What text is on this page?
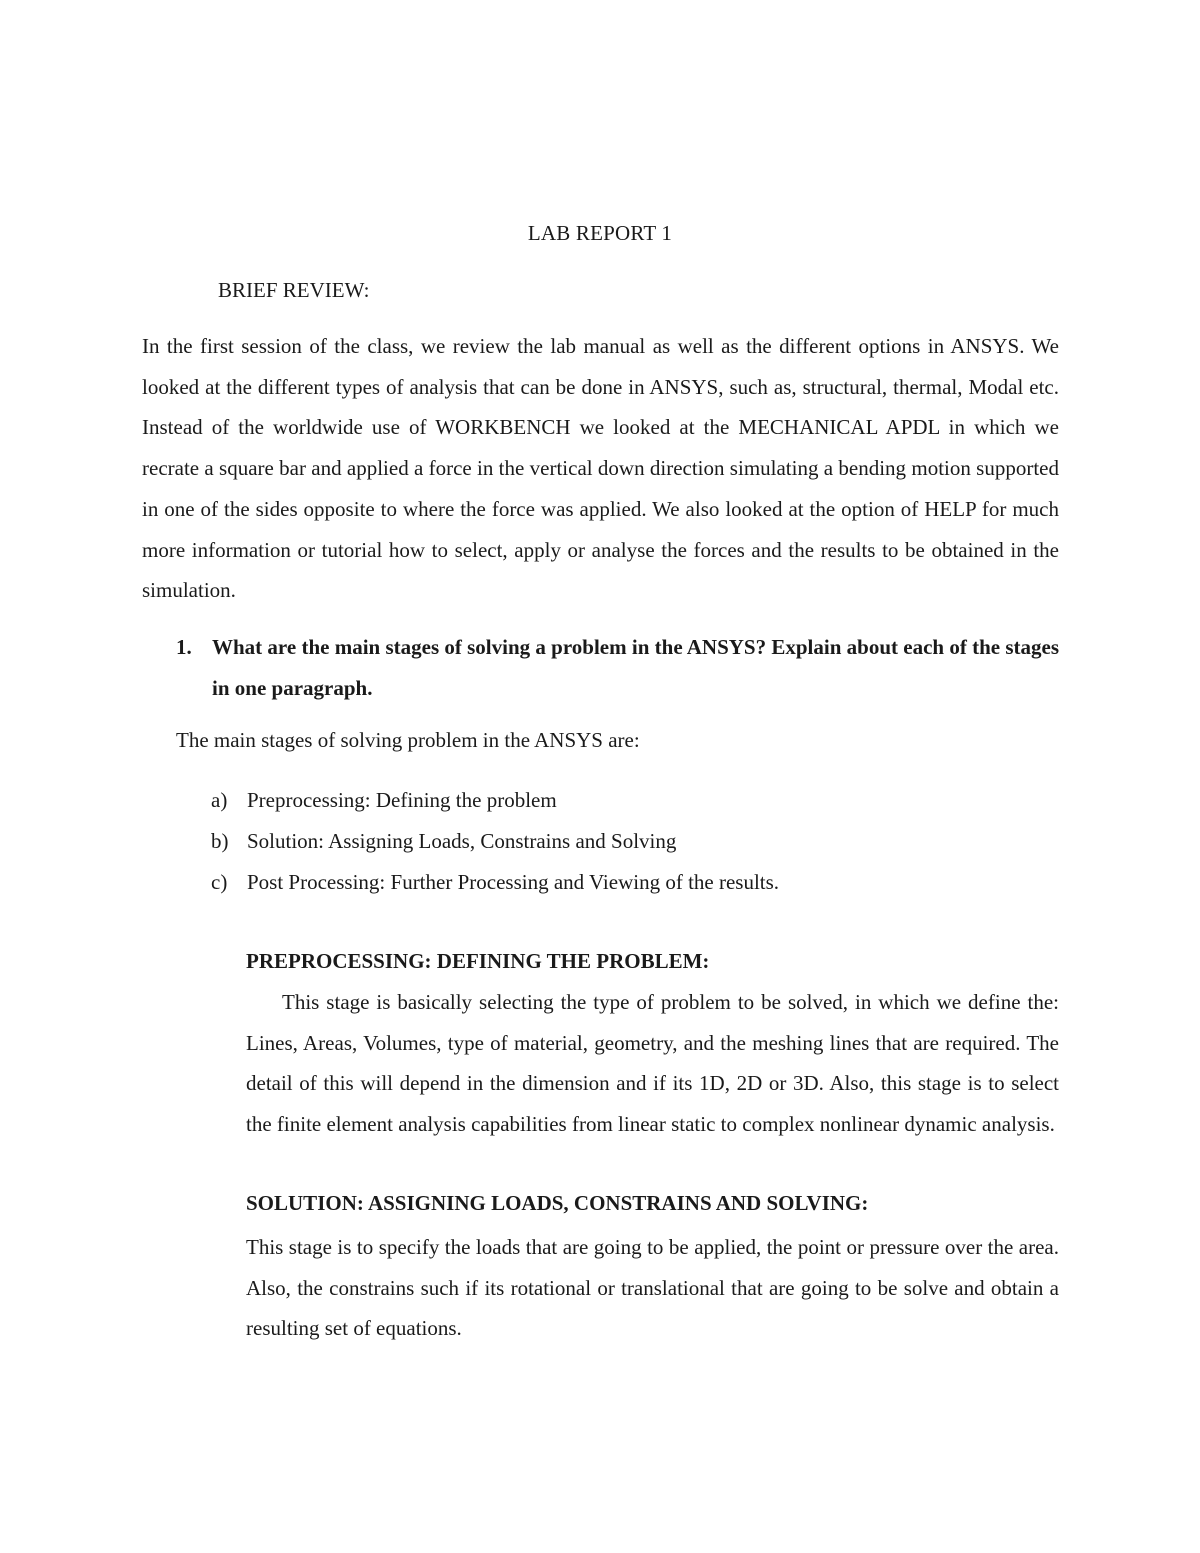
LAB REPORT 1
BRIEF REVIEW:

In the first session of the class, we review the lab manual as well as the different options in ANSYS. We looked at the different types of analysis that can be done in ANSYS, such as, structural, thermal, Modal etc. Instead of the worldwide use of WORKBENCH we looked at the MECHANICAL APDL in which we recrate a square bar and applied a force in the vertical down direction simulating a bending motion supported in one of the sides opposite to where the force was applied. We also looked at the option of HELP for much more information or tutorial how to select, apply or analyse the forces and the results to be obtained in the simulation.

1. What are the main stages of solving a problem in the ANSYS? Explain about each of the stages in one paragraph.
The main stages of solving problem in the ANSYS are:
a) Preprocessing: Defining the problem
b) Solution: Assigning Loads, Constrains and Solving
c) Post Processing: Further Processing and Viewing of the results.
PREPROCESSING: DEFINING THE PROBLEM:

This stage is basically selecting the type of problem to be solved, in which we define the: Lines, Areas, Volumes, type of material, geometry, and the meshing lines that are required. The detail of this will depend in the dimension and if its 1D, 2D or 3D. Also, this stage is to select the finite element analysis capabilities from linear static to complex nonlinear dynamic analysis.

SOLUTION: ASSIGNING LOADS, CONSTRAINS AND SOLVING:

This stage is to specify the loads that are going to be applied, the point or pressure over the area. Also, the constrains such if its rotational or translational that are going to be solve and obtain a resulting set of equations.
